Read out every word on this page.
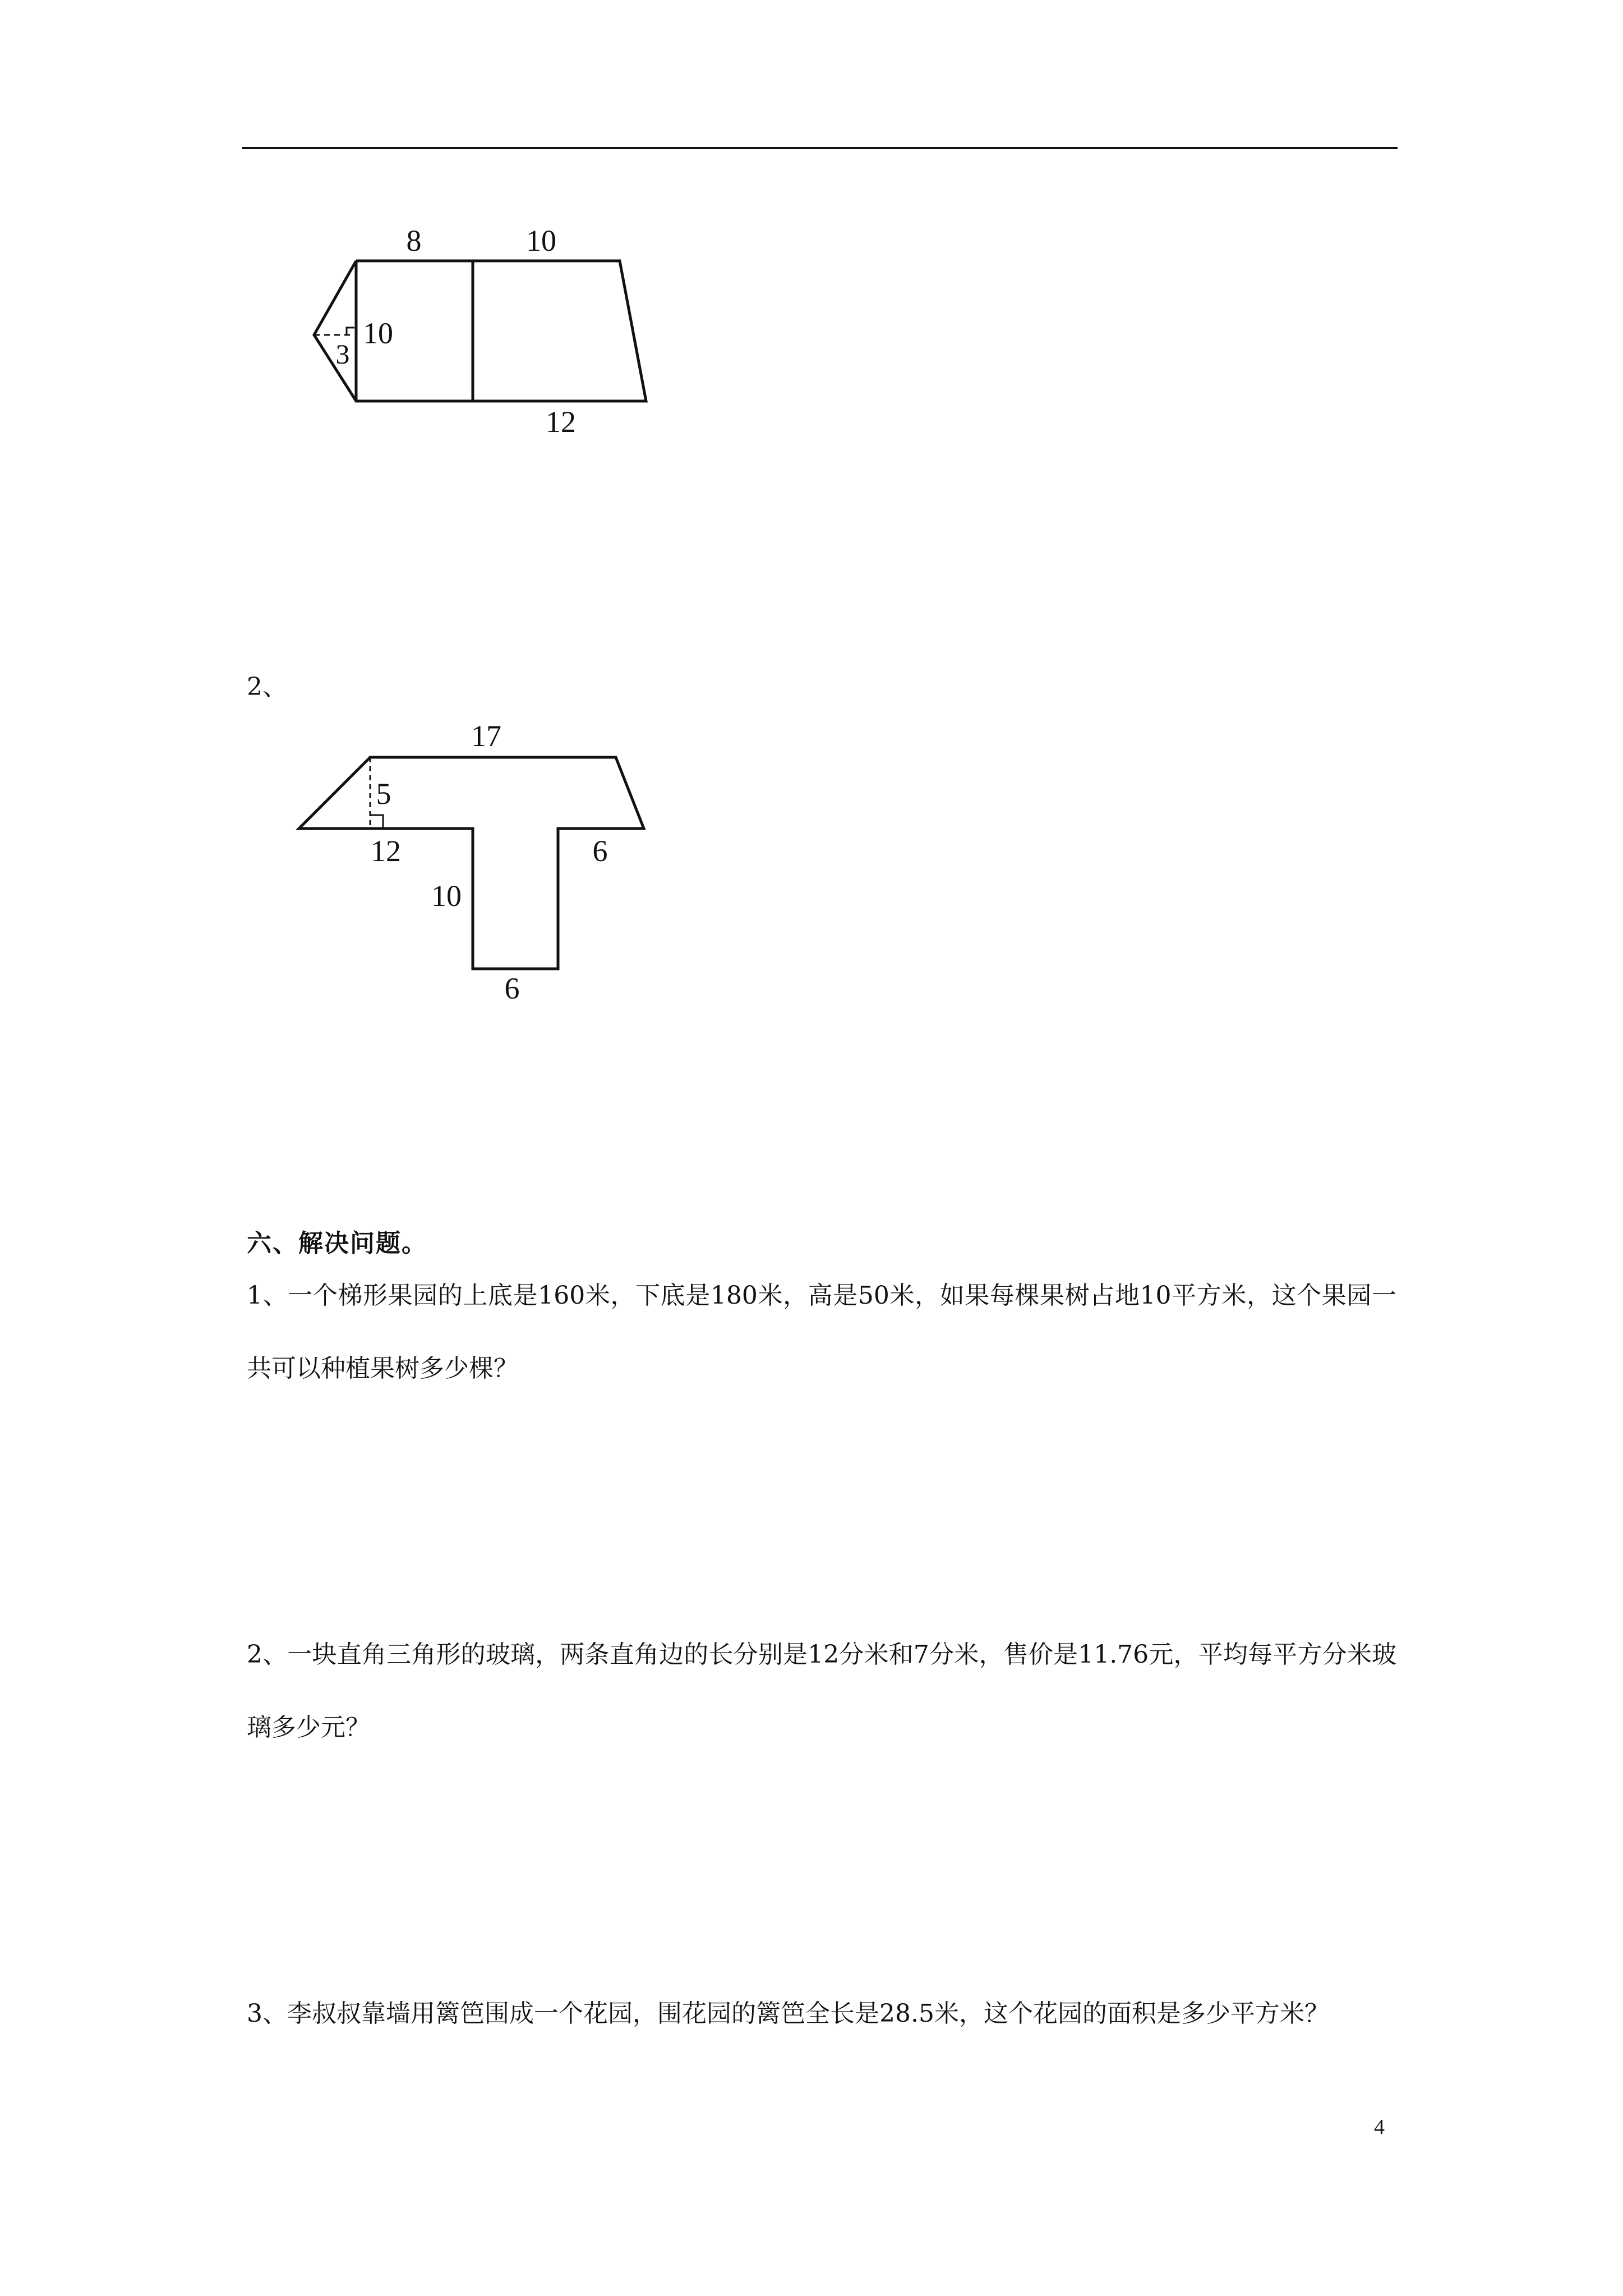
8	10
10
3
12
2、
17
5
12	6
10
6
六、解决问题。
1、一个梯形果园的上底是160米，下底是180米，高是50米，如果每棵果树占地10平方米，这个果园一共可以种植果树多少棵？
2、一块直角三角形的玻璃，两条直角边的长分别是12分米和7分米，售价是11.76元，平均每平方分米玻璃多少元？
3、李叔叔靠墙用篱笆围成一个花园，围花园的篱笆全长是28.5米，这个花园的面积是多少平方米？
4
